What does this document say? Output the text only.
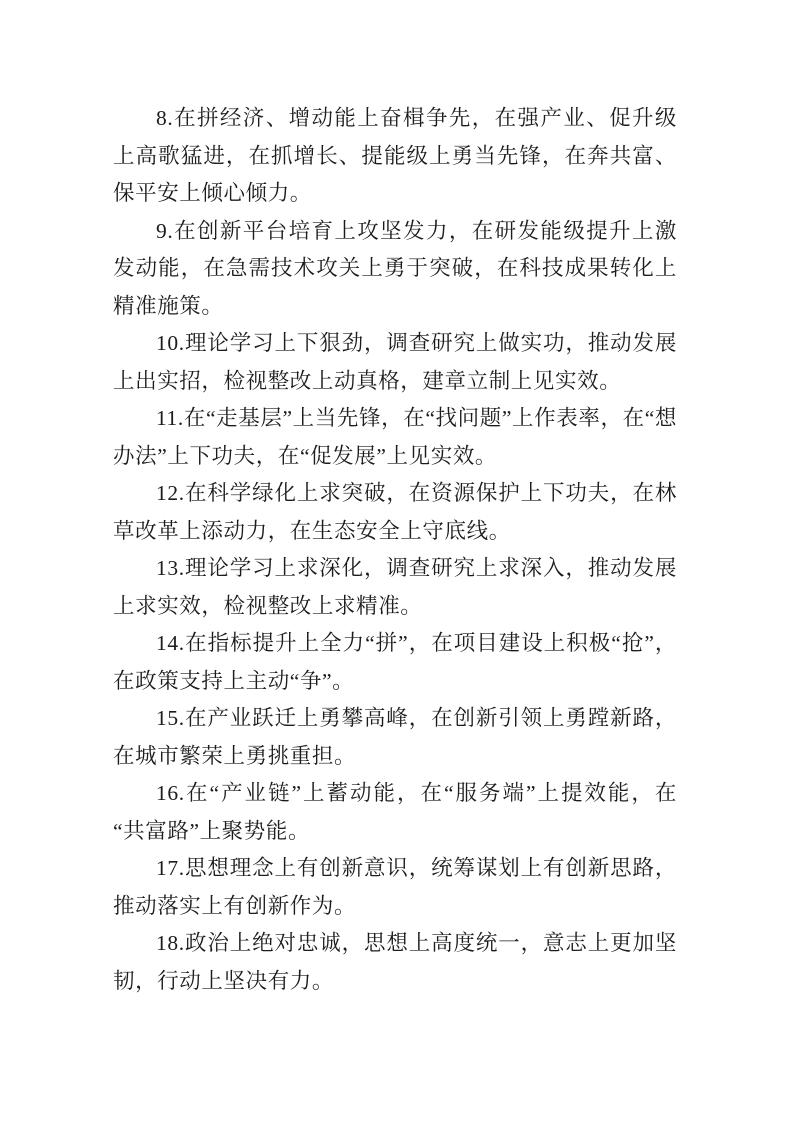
8.在拼经济、增动能上奋楫争先，在强产业、促升级上高歌猛进，在抓增长、提能级上勇当先锋，在奔共富、保平安上倾心倾力。

9.在创新平台培育上攻坚发力，在研发能级提升上激发动能，在急需技术攻关上勇于突破，在科技成果转化上精准施策。

10.理论学习上下狠劲，调查研究上做实功，推动发展上出实招，检视整改上动真格，建章立制上见实效。

11.在“走基层”上当先锋，在“找问题”上作表率，在“想办法”上下功夫，在“促发展”上见实效。

12.在科学绿化上求突破，在资源保护上下功夫，在林草改革上添动力，在生态安全上守底线。

13.理论学习上求深化，调查研究上求深入，推动发展上求实效，检视整改上求精准。

14.在指标提升上全力“拼”，在项目建设上积极“抢”，在政策支持上主动“争”。

15.在产业跃迁上勇攀高峰，在创新引领上勇蹚新路，在城市繁荣上勇挑重担。

16.在“产业链”上蓄动能，在“服务端”上提效能，在“共富路”上聚势能。

17.思想理念上有创新意识，统筹谋划上有创新思路，推动落实上有创新作为。

18.政治上绝对忠诚，思想上高度统一，意志上更加坚韧，行动上坚决有力。
